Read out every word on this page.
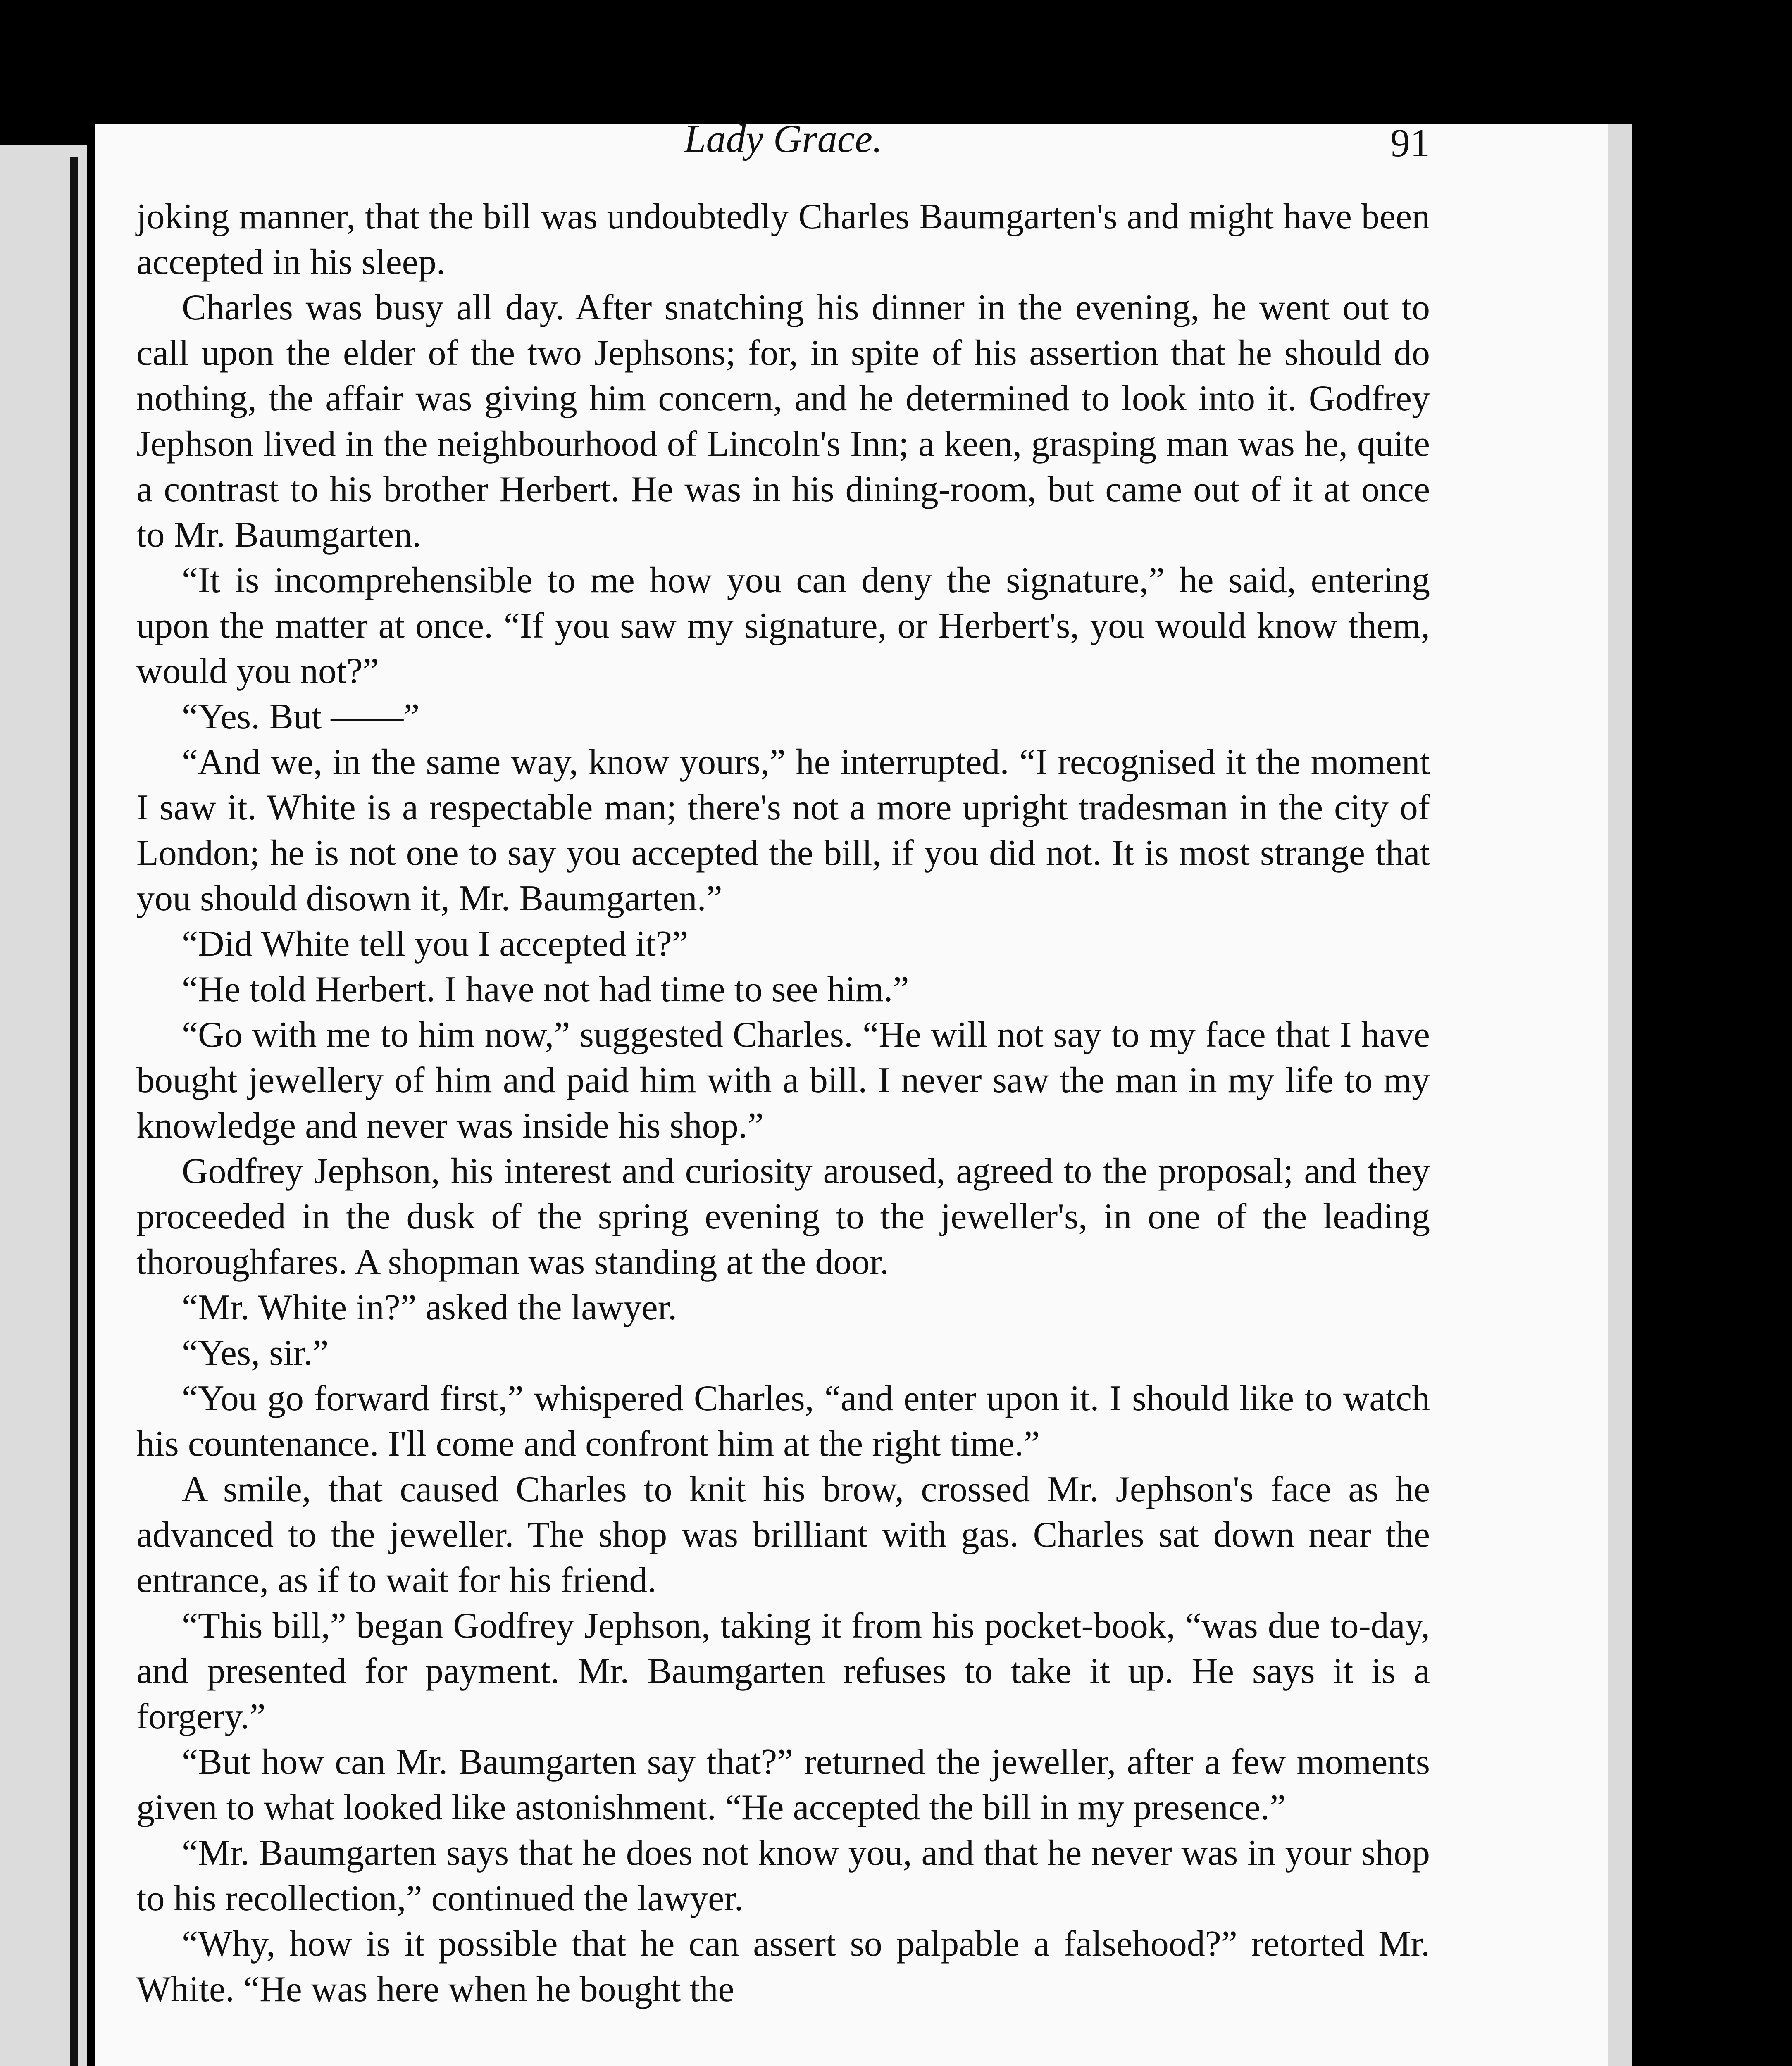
Lady Grace.	91

joking manner, that the bill was undoubtedly Charles Baumgarten's and might have been accepted in his sleep.

Charles was busy all day. After snatching his dinner in the evening, he went out to call upon the elder of the two Jephsons; for, in spite of his assertion that he should do nothing, the affair was giving him concern, and he determined to look into it. Godfrey Jephson lived in the neighbourhood of Lincoln's Inn; a keen, grasping man was he, quite a contrast to his brother Herbert. He was in his dining-room, but came out of it at once to Mr. Baumgarten.

“It is incomprehensible to me how you can deny the signature,” he said, entering upon the matter at once. “If you saw my signature, or Herbert's, you would know them, would you not?”

“Yes. But ——”

“And we, in the same way, know yours,” he interrupted. “I recognised it the moment I saw it. White is a respectable man; there's not a more upright tradesman in the city of London; he is not one to say you accepted the bill, if you did not. It is most strange that you should disown it, Mr. Baumgarten.”

“Did White tell you I accepted it?”

“He told Herbert. I have not had time to see him.”

“Go with me to him now,” suggested Charles. “He will not say to my face that I have bought jewellery of him and paid him with a bill. I never saw the man in my life to my knowledge and never was inside his shop.”

Godfrey Jephson, his interest and curiosity aroused, agreed to the proposal; and they proceeded in the dusk of the spring evening to the jeweller's, in one of the leading thoroughfares. A shopman was standing at the door.

“Mr. White in?” asked the lawyer.

“Yes, sir.”

“You go forward first,” whispered Charles, “and enter upon it. I should like to watch his countenance. I'll come and confront him at the right time.”

A smile, that caused Charles to knit his brow, crossed Mr. Jephson's face as he advanced to the jeweller. The shop was brilliant with gas. Charles sat down near the entrance, as if to wait for his friend.

“This bill,” began Godfrey Jephson, taking it from his pocket-book, “was due to-day, and presented for payment. Mr. Baumgarten refuses to take it up. He says it is a forgery.”

“But how can Mr. Baumgarten say that?” returned the jeweller, after a few moments given to what looked like astonishment. “He accepted the bill in my presence.”

“Mr. Baumgarten says that he does not know you, and that he never was in your shop to his recollection,” continued the lawyer.

“Why, how is it possible that he can assert so palpable a falsehood?” retorted Mr. White. “He was here when he bought the
